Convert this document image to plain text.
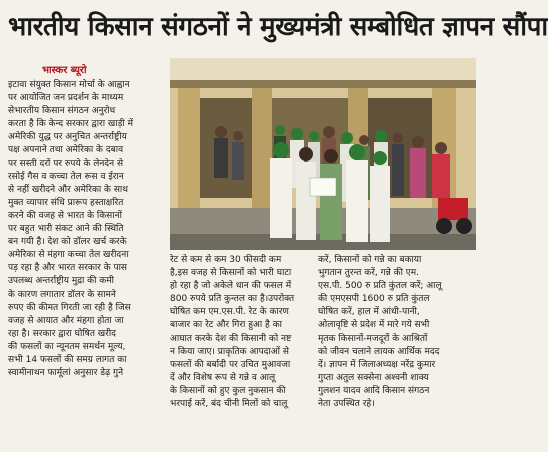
भारतीय किसान संगठनों ने मुख्यमंत्री सम्बोधित ज्ञापन सौंपा
भास्कर ब्यूरो
इटावा संयुक्त किसान मोर्चा के आह्वान
पर आयोजित जन प्रदर्शन के माध्यम
सेभारतीय किसान संगठन अनुरोध
करता है कि केन्द सरकार द्वारा खाड़ी में
अमेरिकी युद्ध पर अनुचित अन्तर्राष्ट्रीय
पक्ष अपनाने तथा अमेरिका के दबाव
पर सस्ती दरों पर रुपये के लेनदेन से
रसोई गैस व कच्चा तेल रूस व ईरान
से नहीं खरीदने और अमेरिका के साथ
मुक्त व्यापार संधि प्रारूप हस्ताक्षरित
करने की वजह से भारत के किसानों
पर बहुत भारी संकट आने की स्थिति
बन गयी है। देश को डॉलर खर्च करके
अमेरिका से मंहगा कच्चा तेल खरीदना
पड़ रहा है और भारत सरकार के पास
उपलब्ध अन्तर्राष्ट्रीय मुद्रा की कमी
के कारण लगातार डॉलर के सामने
रुपए की कीमत गिरती जा रही है जिस
वजह से आयात और मंहगा होता जा
रहा है। सरकार द्वारा घोषित खरीद
की फसलों का न्यूनतम समर्थन मूल्य,
सभी 14 फसलों की समग्र लागत का
स्वामीनाथन फार्मूलां अनुसार डेढ़ गुने
रेट से कम से कम 30 फीसदी कम
है,इस वजह से किसानों को भारी घाटा
हो रहा है जो अकेले धान की फसल में
800 रुपये प्रति कुन्तल का है।उपरोक्त
घोषित कम एम.एस.पी. रेट के कारण
बाजार का रेट और गिरा हुआ है का
आघात करके देश की किसानी को नष्ट
न किया जाए। प्राकृतिक आपदाओं से
फसलों की बर्बादी पर उचित मुआवजा
दें और विशेष रूप से गन्ने व आलू
के किसानों को हुए कुल नुकसान की
भरपाई करें, बंद चीनी मिलों को चालू
करें, किसानों को गन्ने का बकाया
भुगतान तुरन्त करें, गन्ने की एम.
एस.पी. 500 रु प्रति कुंतल करें; आलू
की एमएसपी 1600 रु प्रति कुंतल
घोषित करें, हाल में आंधी-पानी,
ओलावृष्टि से प्रदेश में मारे गये सभी
मृतक किसानों-मजदूरों के आश्रितों
को जीवन चलाने लायक आर्थिक मदद
दें। ज्ञापन में जिलाअध्यक्ष नरेंद्र कुमार
गुप्ता अतुल सक्सेना अश्वनी शाक्य
गुलशन यादव आदि किसान संगठन
नेता उपस्थित रहे।
